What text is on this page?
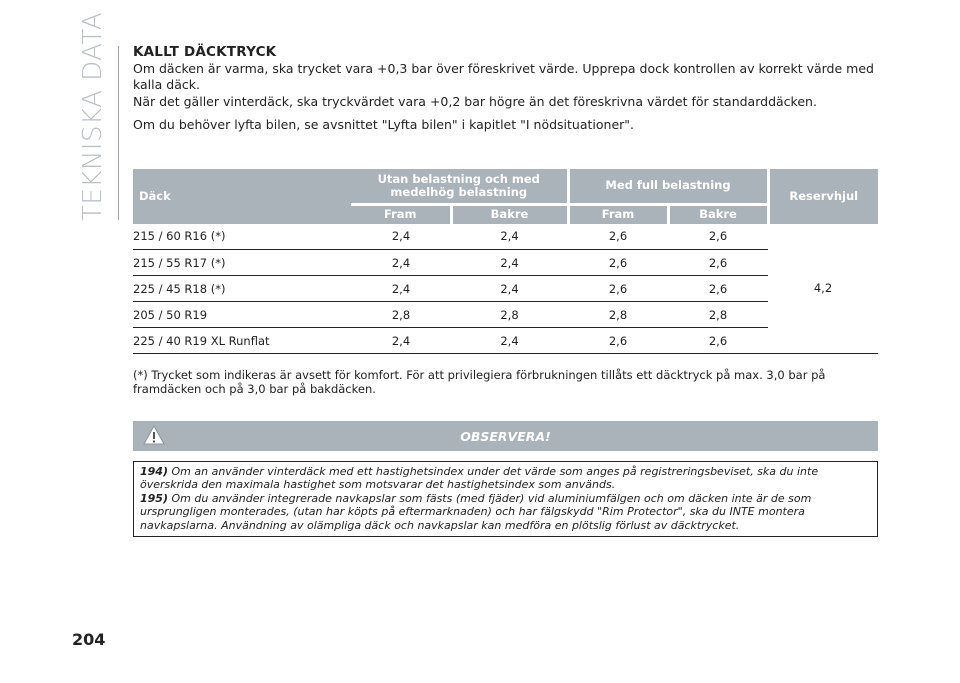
TEKNISKA DATA KALLT DÄCKTRYCK

Om däcken är varma, ska trycket vara +0,3 bar över föreskrivet värde. Upprepa dock kontrollen av korrekt värde med kalla däck.

När det gäller vinterdäck, ska tryckvärdet vara +0,2 bar högre än det föreskrivna värdet för standarddäcken.

Om du behöver lyfta bilen, se avsnittet "Lyfta bilen" i kapitlet "I nödsituationer".

Däck	Utan belastning och med medelhög belastning		Med full belastning		Reservhjul
	Fram	Bakre	Fram	Bakre	
215 / 60 R16 (*)	2,4	2,4	2,6	2,6	4,2
215 / 55 R17 (*)	2,4	2,4	2,6	2,6	
225 / 45 R18 (*)	2,4	2,4	2,6	2,6	
205 / 50 R19	2,8	2,8	2,8	2,8	
225 / 40 R19 XL Runflat	2,4	2,4	2,6	2,6	

(*) Trycket som indikeras är avsett för komfort. För att privilegiera förbrukningen tillåts ett däcktryck på max. 3,0 bar på framdäcken och på 3,0 bar på bakdäcken.

OBSERVERA!

194) Om an använder vinterdäck med ett hastighetsindex under det värde som anges på registreringsbeviset, ska du inte överskrida den maximala hastighet som motsvarar det hastighetsindex som används.

195) Om du använder integrerade navkapslar som fästs (med fjäder) vid aluminiumfälgen och om däcken inte är de som ursprungligen monterades, (utan har köpts på eftermarknaden) och har fälgskydd "Rim Protector", ska du INTE montera navkapslarna. Användning av olämpliga däck och navkapslar kan medföra en plötslig förlust av däcktrycket.

204
